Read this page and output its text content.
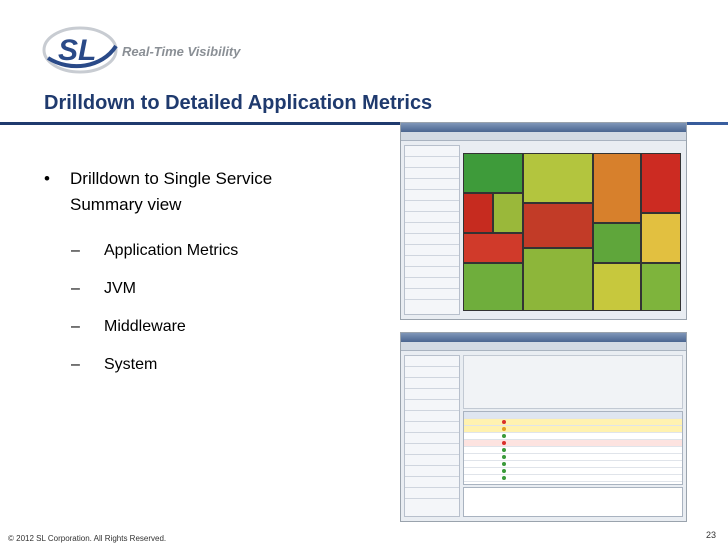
SL Real-Time Visibility
Drilldown to Detailed Application Metrics
• Drilldown to Single Service Summary view
– Application Metrics
– JVM
– Middleware
– System
© 2012 SL Corporation. All Rights Reserved.	23
